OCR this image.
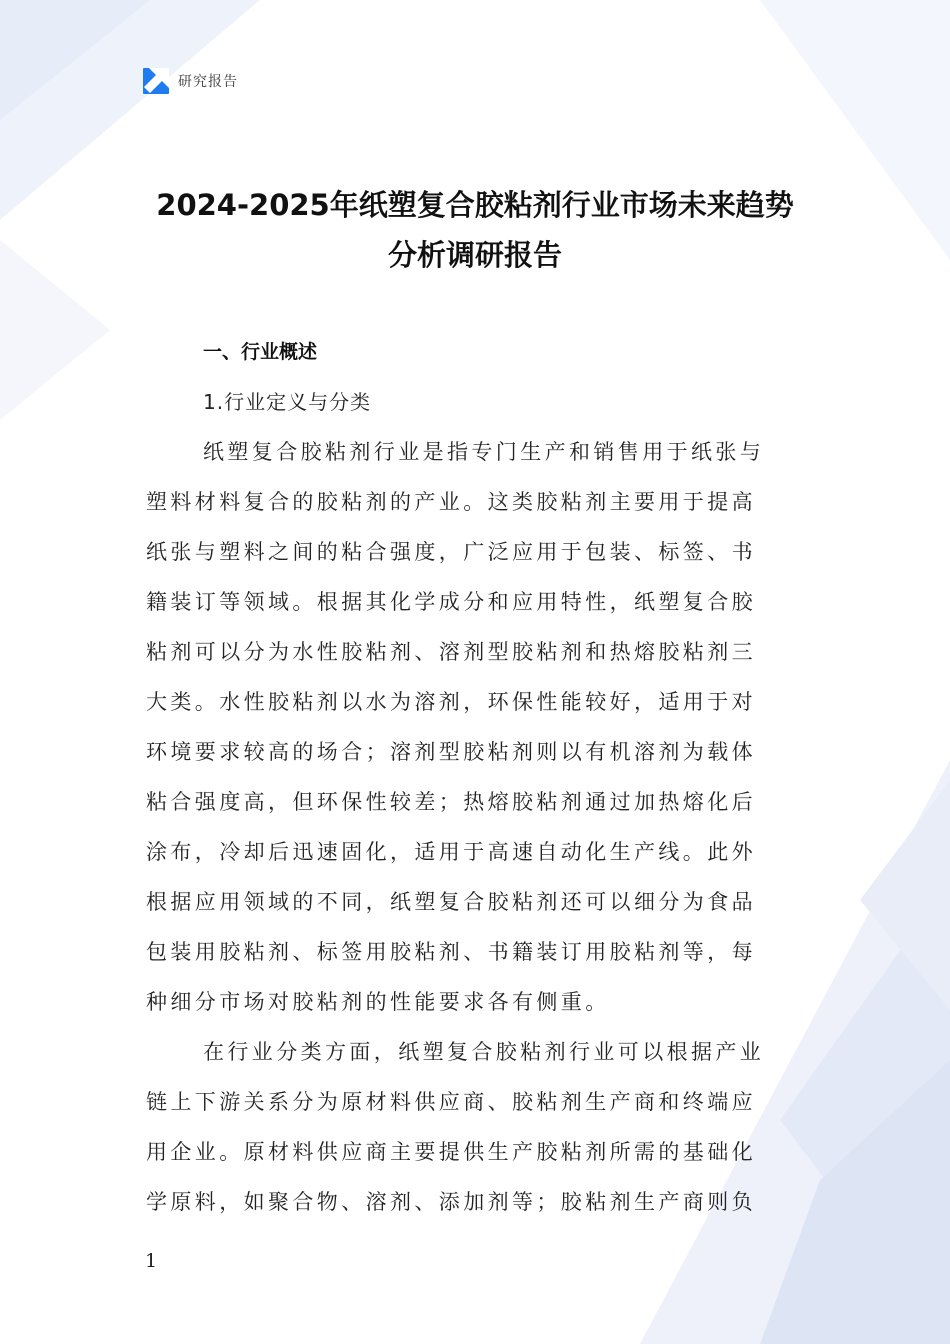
研究报告
2024-2025年纸塑复合胶粘剂行业市场未来趋势
分析调研报告
一、行业概述
1.行业定义与分类
纸塑复合胶粘剂行业是指专门生产和销售用于纸张与
塑料材料复合的胶粘剂的产业。这类胶粘剂主要用于提高
纸张与塑料之间的粘合强度，广泛应用于包装、标签、书
籍装订等领域。根据其化学成分和应用特性，纸塑复合胶
粘剂可以分为水性胶粘剂、溶剂型胶粘剂和热熔胶粘剂三
大类。水性胶粘剂以水为溶剂，环保性能较好，适用于对
环境要求较高的场合；溶剂型胶粘剂则以有机溶剂为载体
粘合强度高，但环保性较差；热熔胶粘剂通过加热熔化后
涂布，冷却后迅速固化，适用于高速自动化生产线。此外
根据应用领域的不同，纸塑复合胶粘剂还可以细分为食品
包装用胶粘剂、标签用胶粘剂、书籍装订用胶粘剂等，每
种细分市场对胶粘剂的性能要求各有侧重。
在行业分类方面，纸塑复合胶粘剂行业可以根据产业
链上下游关系分为原材料供应商、胶粘剂生产商和终端应
用企业。原材料供应商主要提供生产胶粘剂所需的基础化
学原料，如聚合物、溶剂、添加剂等；胶粘剂生产商则负
1
